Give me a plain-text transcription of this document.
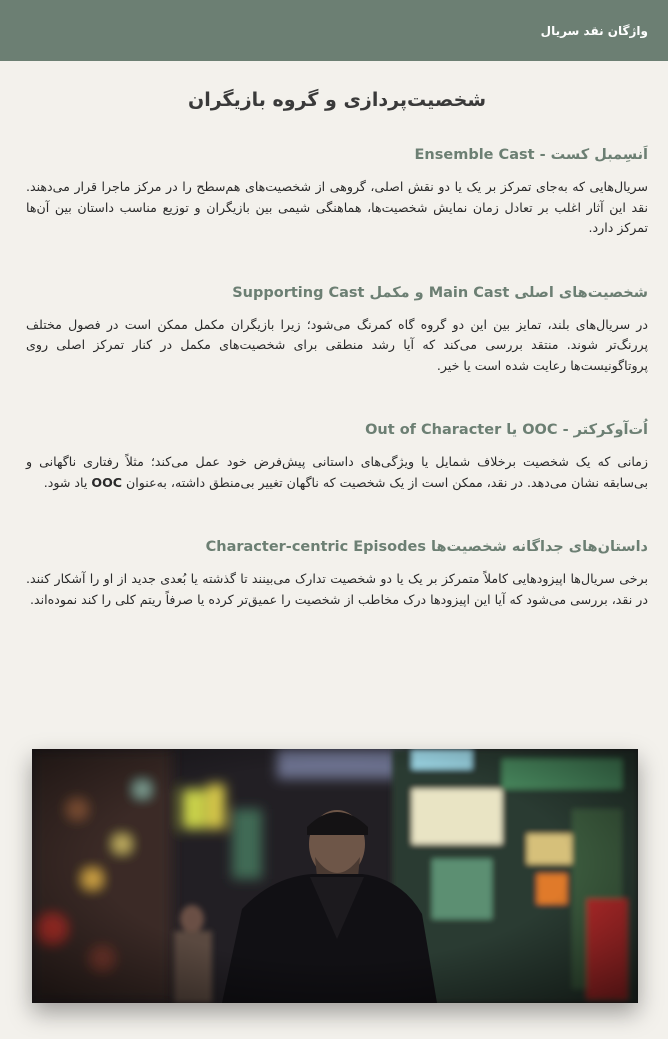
واژگان نقد سریال
شخصیت‌پردازی و گروه بازیگران
اَنسِمبل کست - Ensemble Cast

سریال‌هایی که به‌جای تمرکز بر یک یا دو نقش اصلی، گروهی از شخصیت‌های هم‌سطح را در مرکز ماجرا قرار می‌دهند. نقد این آثار اغلب بر تعادل زمان نمایش شخصیت‌ها، هماهنگی شیمی بین بازیگران و توزیع مناسب داستان بین آن‌ها تمرکز دارد.

شخصیت‌های اصلی Main Cast و مکمل Supporting Cast

در سریال‌های بلند، تمایز بین این دو گروه گاه کمرنگ می‌شود؛ زیرا بازیگران مکمل ممکن است در فصول مختلف پررنگ‌تر شوند. منتقد بررسی می‌کند که آیا رشد منطقی برای شخصیت‌های مکمل در کنار تمرکز اصلی روی پروتاگونیست‌ها رعایت شده است یا خیر.

اُت‌آوکرکتر - OOC یا Out of Character

زمانی که یک شخصیت برخلاف شمایل یا ویژگی‌های داستانی پیش‌فرض خود عمل می‌کند؛ مثلاً رفتاری ناگهانی و بی‌سابقه نشان می‌دهد. در نقد، ممکن است از یک شخصیت که ناگهان تغییر بی‌منطق داشته، به‌عنوان OOC یاد شود.

داستان‌های جداگانه شخصیت‌ها Character-centric Episodes

برخی سریال‌ها اپیزودهایی کاملاً متمرکز بر یک یا دو شخصیت تدارک می‌بینند تا گذشته یا بُعدی جدید از او را آشکار کنند. در نقد، بررسی می‌شود که آیا این اپیزودها درک مخاطب از شخصیت را عمیق‌تر کرده یا صرفاً ریتم کلی را کند نموده‌اند.
